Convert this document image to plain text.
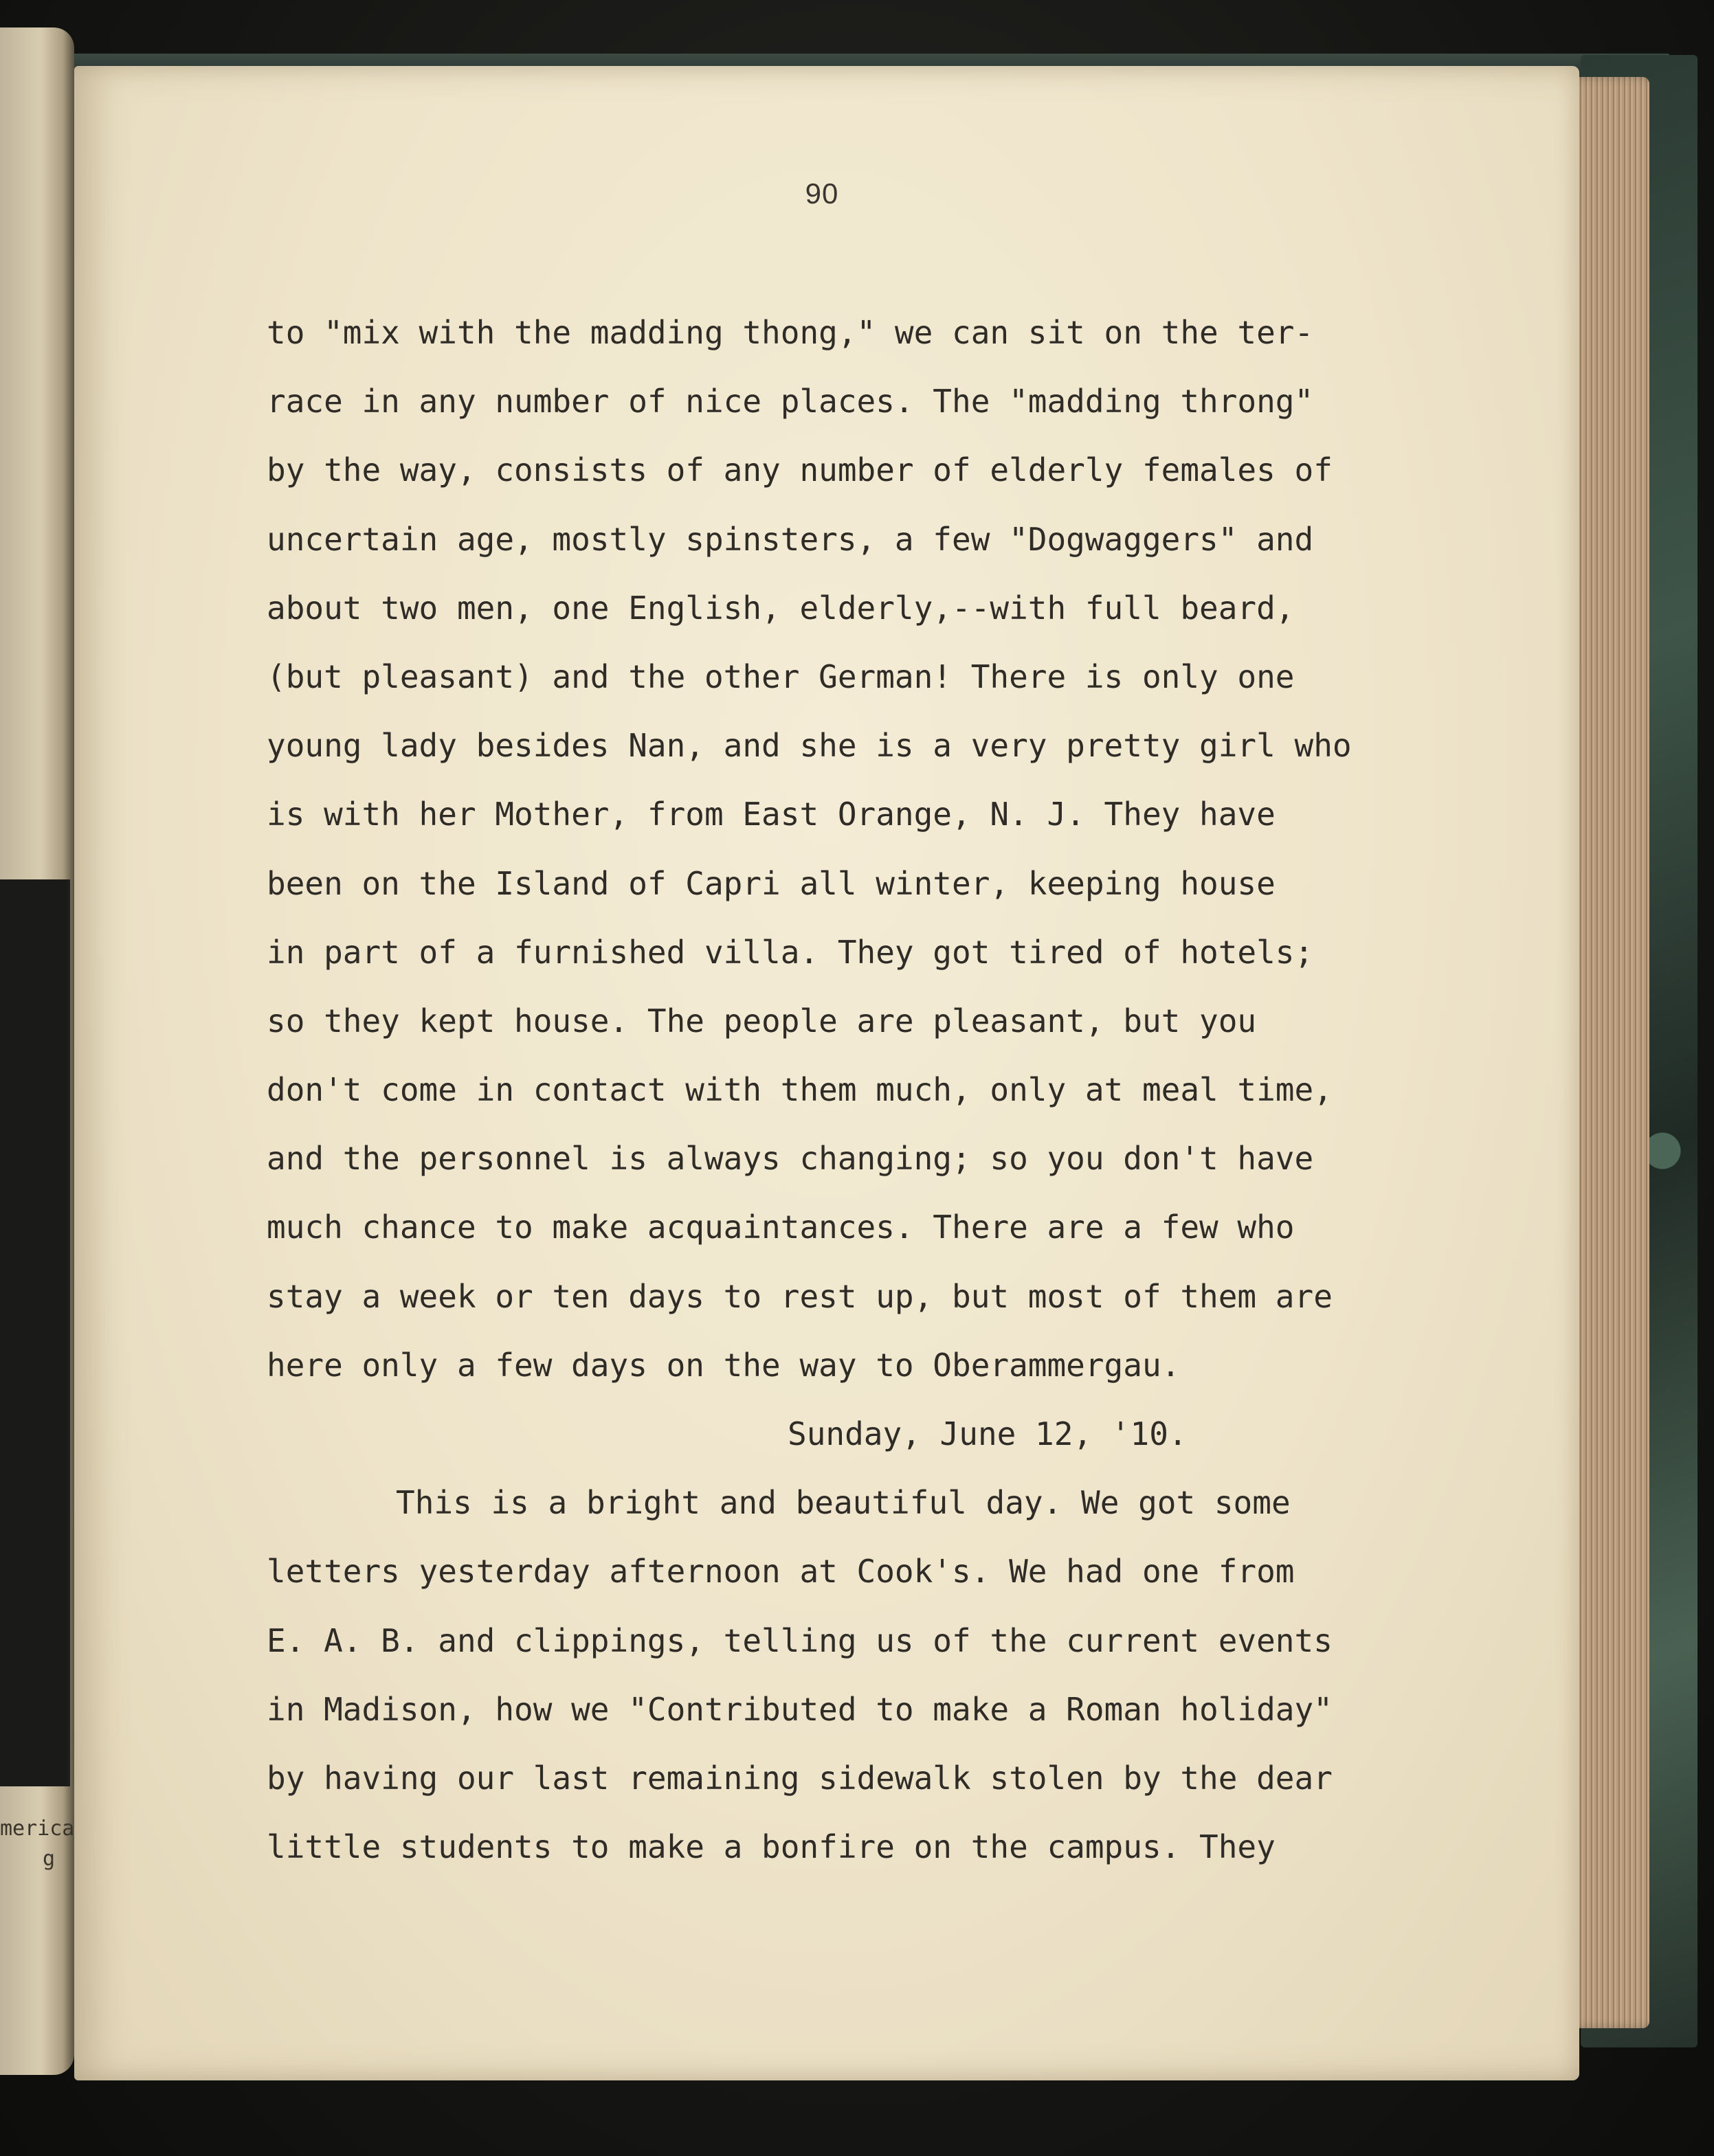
merica
g
90
to "mix with the madding thong," we can sit on the ter-
race in any number of nice places. The "madding throng"
by the way, consists of any number of elderly females of
uncertain age, mostly spinsters, a few "Dogwaggers" and
about two men, one English, elderly,--with full beard,
(but pleasant) and the other German! There is only one
young lady besides Nan, and she is a very pretty girl who
is with her Mother, from East Orange, N. J. They have
been on the Island of Capri all winter, keeping house
in part of a furnished villa. They got tired of hotels;
so they kept house. The people are pleasant, but you
don't come in contact with them much, only at meal time,
and the personnel is always changing; so you don't have
much chance to make acquaintances. There are a few who
stay a week or ten days to rest up, but most of them are
here only a few days on the way to Oberammergau.
Sunday, June 12, '10.
This is a bright and beautiful day. We got some
letters yesterday afternoon at Cook's. We had one from
E. A. B. and clippings, telling us of the current events
in Madison, how we "Contributed to make a Roman holiday"
by having our last remaining sidewalk stolen by the dear
little students to make a bonfire on the campus. They
